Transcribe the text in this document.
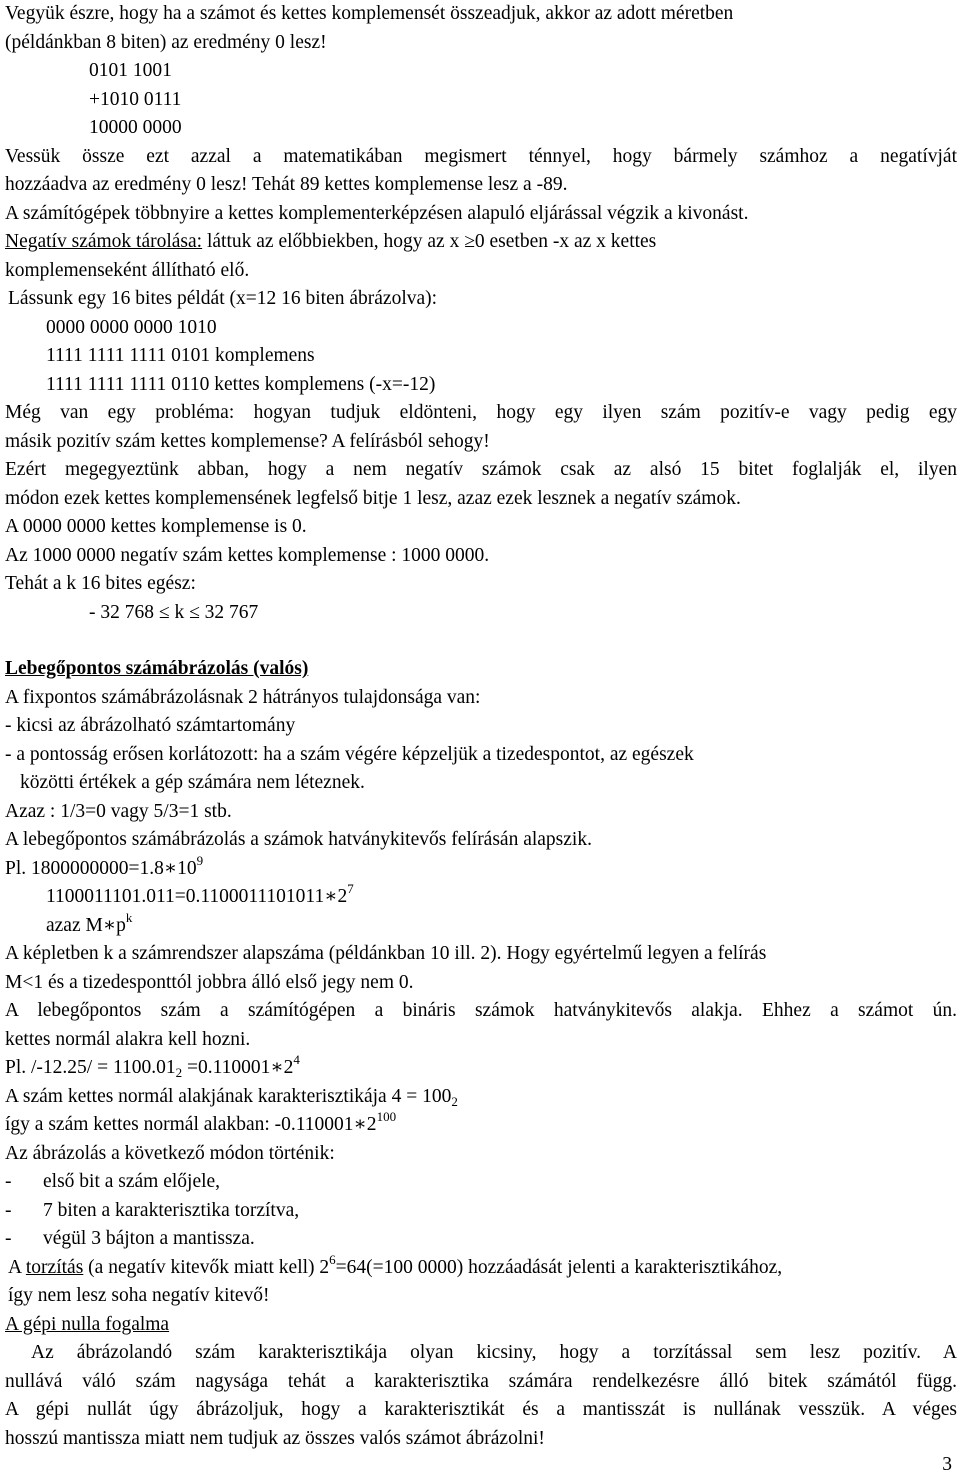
Vegyük észre, hogy ha a számot és kettes komplemensét összeadjuk, akkor az adott méretben

(példánkban 8 biten) az eredmény 0 lesz!

0101 1001

+1010 0111

10000 0000

Vessük össze ezt azzal a matematikában megismert ténnyel, hogy bármely számhoz a negatívját

hozzáadva az eredmény 0 lesz! Tehát 89 kettes komplemense lesz a -89.

A számítógépek többnyire a kettes komplementerképzésen alapuló eljárással végzik a kivonást.

Negatív számok tárolása: láttuk az előbbiekben, hogy az x ≥0 esetben -x az x kettes

komplemenseként állítható elő.

Lássunk egy 16 bites példát (x=12 16 biten ábrázolva):

0000 0000 0000 1010

1111 1111 1111 0101 komplemens

1111 1111 1111 0110 kettes komplemens (-x=-12)

Még van egy probléma: hogyan tudjuk eldönteni, hogy egy ilyen szám pozitív-e vagy pedig egy

másik pozitív szám kettes komplemense? A felírásból sehogy!

Ezért megegyeztünk abban, hogy a nem negatív számok csak az alsó 15 bitet foglalják el, ilyen

módon ezek kettes komplemensének legfelső bitje 1 lesz, azaz ezek lesznek a negatív számok.

A 0000 0000 kettes komplemense is 0.

Az 1000 0000 negatív szám kettes komplemense : 1000 0000.

Tehát a k 16 bites egész:

- 32 768 ≤ k ≤ 32 767

Lebegőpontos számábrázolás (valós)

A fixpontos számábrázolásnak 2 hátrányos tulajdonsága van:

- kicsi az ábrázolható számtartomány

- a pontosság erősen korlátozott: ha a szám végére képzeljük a tizedespontot, az egészek

közötti értékek a gép számára nem léteznek.

Azaz : 1/3=0 vagy 5/3=1 stb.

A lebegőpontos számábrázolás a számok hatványkitevős felírásán alapszik.

Pl. $1800000000=1.8∗10^9$

$1100011101.011=0.1100011101011∗2^7$

azaz $M∗p^k$

A képletben k a számrendszer alapszáma (példánkban 10 ill. 2). Hogy egyértelmű legyen a felírás

M<1 és a tizedesponttól jobbra álló első jegy nem 0.

A lebegőpontos szám a számítógépen a bináris számok hatványkitevős alakja. Ehhez a számot ún.

kettes normál alakra kell hozni.

Pl. $/-12.25/ = 1100.01_2$ $=0.110001∗2^4$

A szám kettes normál alakjának karakterisztikája $4 = 100_2$

így a szám kettes normál alakban: $-0.110001∗2^{100}$

Az ábrázolás a következő módon történik:

- első bit a szám előjele,

- 7 biten a karakterisztika torzítva,

- végül 3 bájton a mantissza.

A torzítás (a negatív kitevők miatt kell) $2^6=64(=100$ 0000) hozzáadását jelenti a karakterisztikához,

így nem lesz soha negatív kitevő!

A gépi nulla fogalma

Az ábrázolandó szám karakterisztikája olyan kicsiny, hogy a torzítással sem lesz pozitív. A

nullává váló szám nagysága tehát a karakterisztika számára rendelkezésre álló bitek számától függ.

A gépi nullát úgy ábrázoljuk, hogy a karakterisztikát és a mantisszát is nullának vesszük. A véges

hosszú mantissza miatt nem tudjuk az összes valós számot ábrázolni!

3
